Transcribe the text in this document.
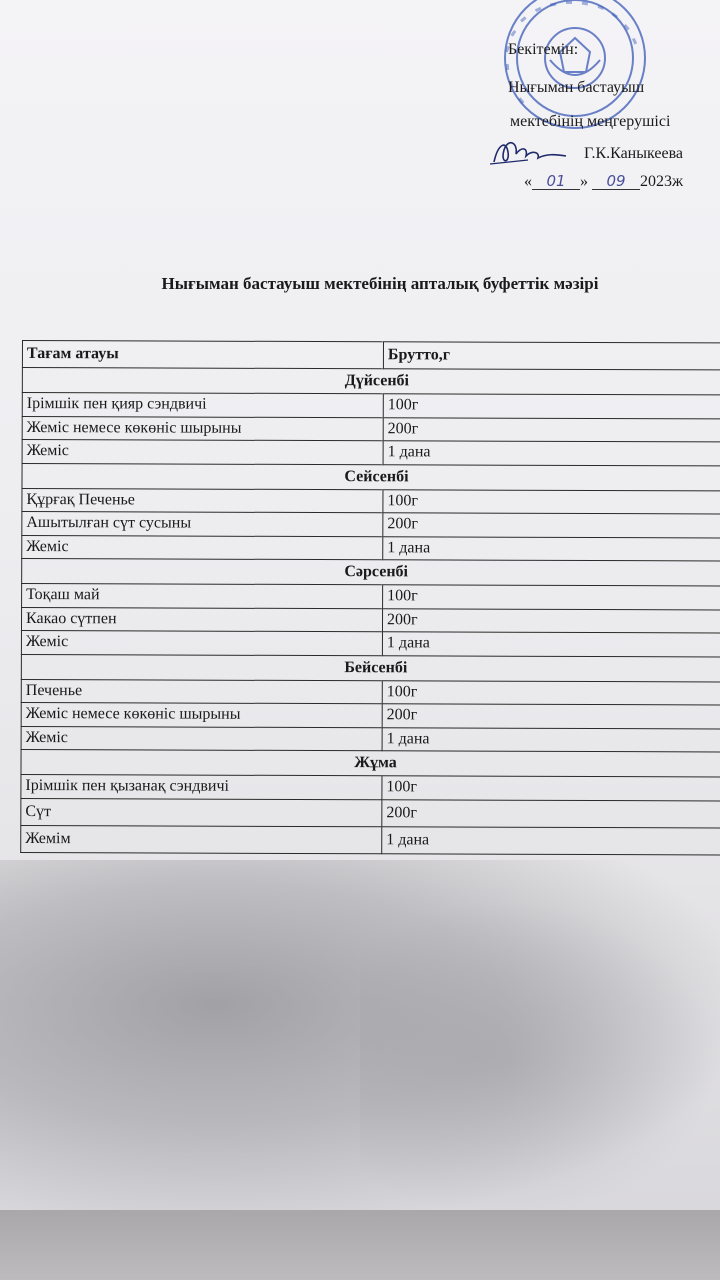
Бекітемін:
Нығыман бастауыш
мектебінің меңгерушісі
Г.К.Каныкеева
« 01 » 09 2023ж
Нығыман бастауыш мектебінің апталық буфеттік мәзірі
Тағам атауы	Брутто,г
Дүйсенбі	
Ірімшік пен қияр сэндвичі	100г
Жеміс немесе көкөніс шырыны	200г
Жеміс	1 дана
Сейсенбі	
Құрғақ Печенье	100г
Ашытылған сүт сусыны	200г
Жеміс	1 дана
Сәрсенбі	
Тоқаш май	100г
Какао сүтпен	200г
Жеміс	1 дана
Бейсенбі	
Печенье	100г
Жеміс немесе көкөніс шырыны	200г
Жеміс	1 дана
Жұма	
Ірімшік пен қызанақ сэндвичі	100г
Сүт	200г
Жемім	1 дана
